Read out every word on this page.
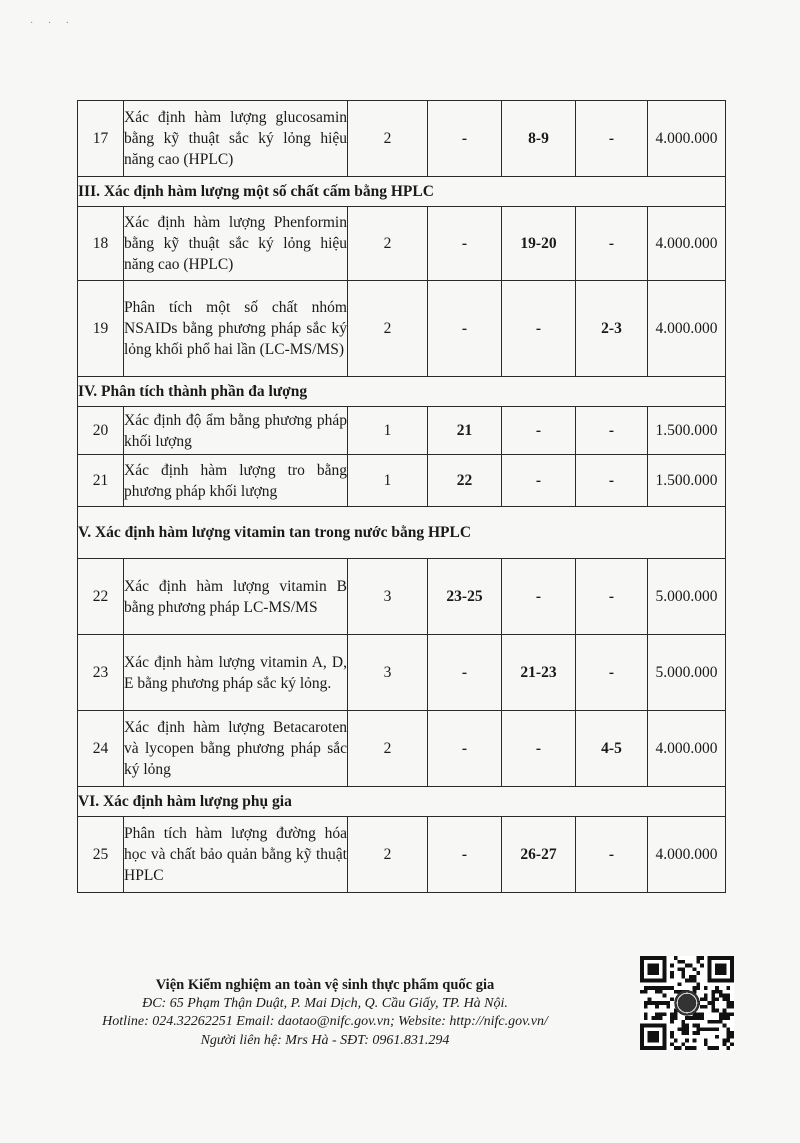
· · ·
17	Xác định hàm lượng glucosamin bằng kỹ thuật sắc ký lỏng hiệu năng cao (HPLC)	2	-	8-9	-	4.000.000
III. Xác định hàm lượng một số chất cấm bằng HPLC						
18	Xác định hàm lượng Phenformin bằng kỹ thuật sắc ký lỏng hiệu năng cao (HPLC)	2	-	19-20	-	4.000.000
19	Phân tích một số chất nhóm NSAIDs bằng phương pháp sắc ký lỏng khối phổ hai lần (LC-MS/MS)	2	-	-	2-3	4.000.000
IV. Phân tích thành phần đa lượng						
20	Xác định độ ẩm bằng phương pháp khối lượng	1	21	-	-	1.500.000
21	Xác định hàm lượng tro bằng phương pháp khối lượng	1	22	-	-	1.500.000
V. Xác định hàm lượng vitamin tan trong nước bằng HPLC						
22	Xác định hàm lượng vitamin B bằng phương pháp LC-MS/MS	3	23-25	-	-	5.000.000
23	Xác định hàm lượng vitamin A, D, E bằng phương pháp sắc ký lỏng.	3	-	21-23	-	5.000.000
24	Xác định hàm lượng Betacaroten và lycopen bằng phương pháp sắc ký lỏng	2	-	-	4-5	4.000.000
VI. Xác định hàm lượng phụ gia						
25	Phân tích hàm lượng đường hóa học và chất bảo quản bằng kỹ thuật HPLC	2	-	26-27	-	4.000.000
Viện Kiểm nghiệm an toàn vệ sinh thực phẩm quốc gia
ĐC: 65 Phạm Thận Duật, P. Mai Dịch, Q. Cầu Giấy, TP. Hà Nội.
Hotline: 024.32262251 Email: daotao@nifc.gov.vn; Website: http://nifc.gov.vn/
Người liên hệ: Mrs Hà - SĐT: 0961.831.294
